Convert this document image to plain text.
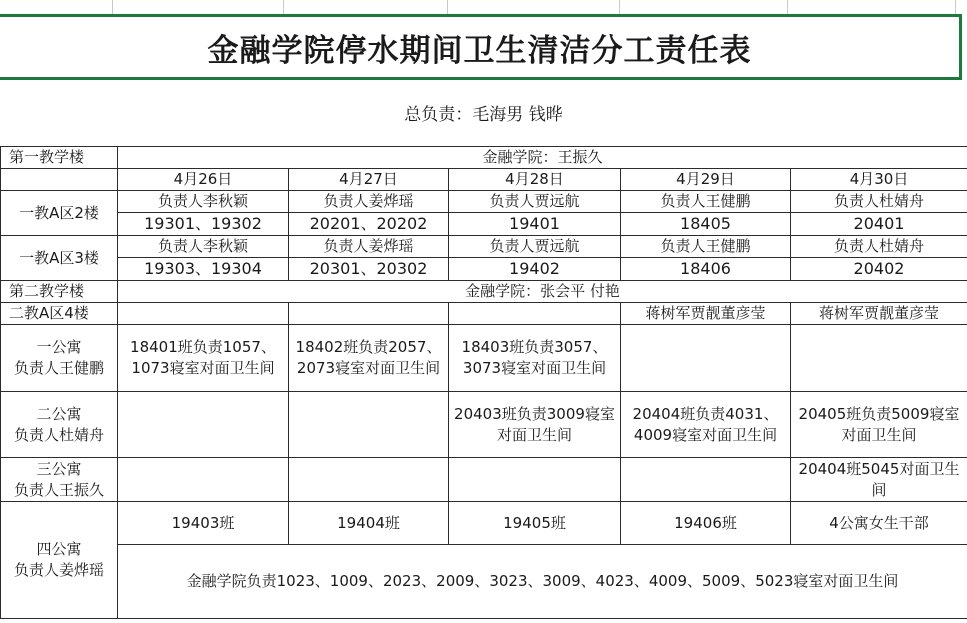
金融学院停水期间卫生清洁分工责任表
总负责：毛海男 钱晔
第一教学楼	金融学院：王振久				
	4月26日	4月27日	4月28日	4月29日	4月30日
一教A区2楼	负责人李秋颖	负责人姜烨瑶	负责人贾远航	负责人王健鹏	负责人杜婧舟
	19301、19302	20201、20202	19401	18405	20401
一教A区3楼	负责人李秋颖	负责人姜烨瑶	负责人贾远航	负责人王健鹏	负责人杜婧舟
	19303、19304	20301、20302	19402	18406	20402
第二教学楼	金融学院：张会平 付艳				
二教A区4楼				蒋树军贾靓董彦莹	蒋树军贾靓董彦莹
一公寓
负责人王健鹏	18401班负责1057、1073寝室对面卫生间	18402班负责2057、2073寝室对面卫生间	18403班负责3057、3073寝室对面卫生间		
二公寓
负责人杜婧舟			20403班负责3009寝室对面卫生间	20404班负责4031、4009寝室对面卫生间	20405班负责5009寝室对面卫生间
三公寓
负责人王振久					20404班5045对面卫生间
四公寓
负责人姜烨瑶	19403班	19404班	19405班	19406班	4公寓女生干部
	金融学院负责1023、1009、2023、2009、3023、3009、4023、4009、5009、5023寝室对面卫生间				
